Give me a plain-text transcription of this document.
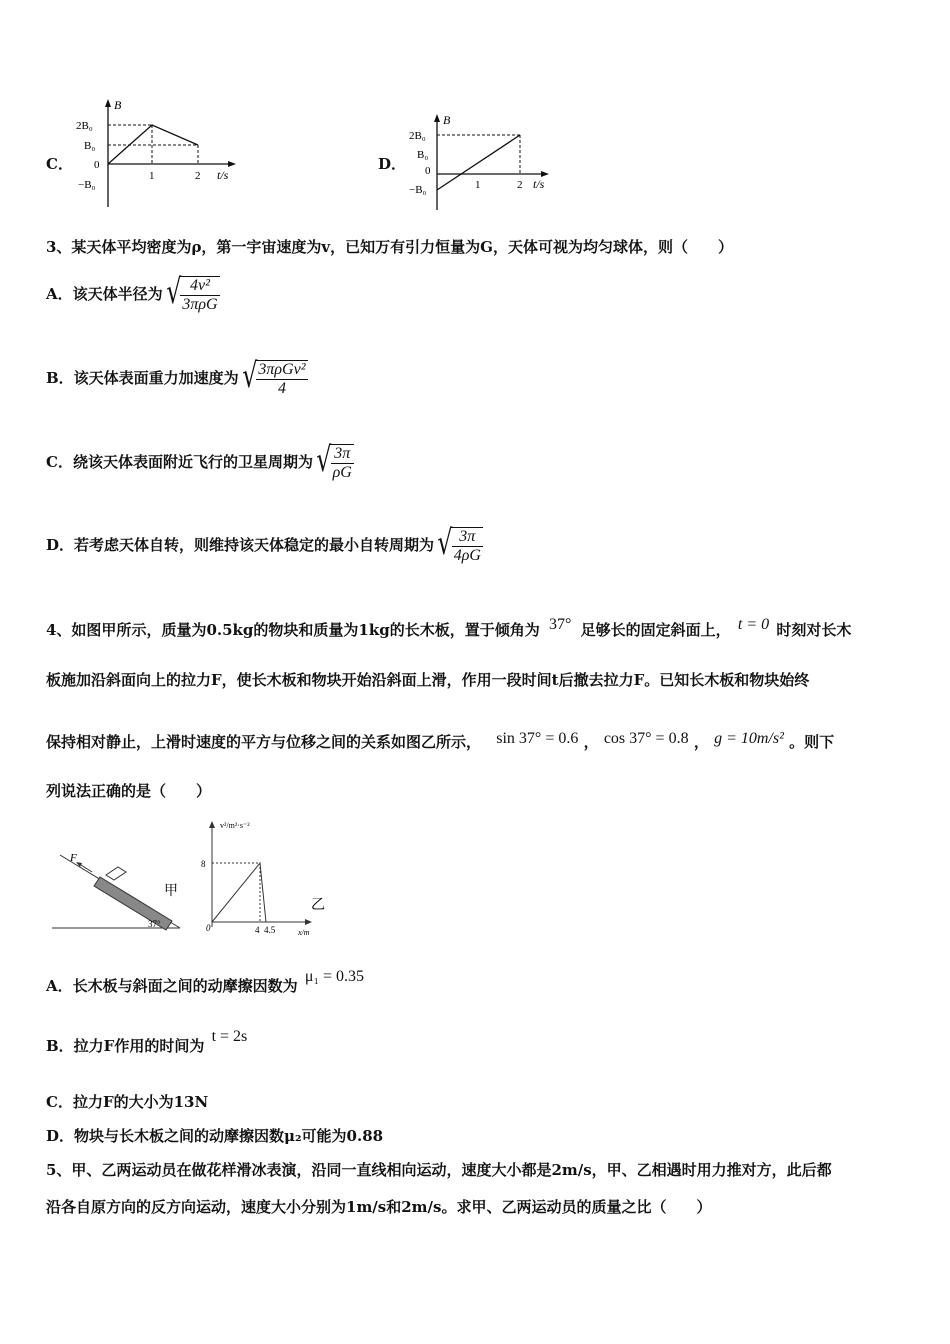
C．
B
t/s
2B₀
B₀
0
−B₀
1	2
D．
B
t/s
2B₀
B₀
0
−B₀	1	2
3、某天体平均密度为ρ，第一宇宙速度为v，已知万有引力恒量为G，天体可视为均匀球体，则（　　）
A．该天体半径为 √ $\frac{\text{4v²}}{\text{3πρG}}$
B．该天体表面重力加速度为 √ $\frac{\text{3πρGv²}}{4}$
C．绕该天体表面附近飞行的卫星周期为 √ $\frac{3\pi}{\rho G}$
D．若考虑天体自转，则维持该天体稳定的最小自转周期为 √ $\frac{3\pi}{4\rho G}$
4、如图甲所示，质量为0.5kg的物块和质量为1kg的长木板，置于倾角为 37° 足够长的固定斜面上， t = 0 时刻对长木
板施加沿斜面向上的拉力F，使长木板和物块开始沿斜面上滑，作用一段时间t后撤去拉力F。已知长木板和物块始终
保持相对静止，上滑时速度的平方与位移之间的关系如图乙所示， sin 37° = 0.6 ， cos 37° = 0.8 ， g = 10m/s² 。则下
列说法正确的是（　　）
F
37°
甲
v²/m²·s⁻²
x/m
8
0	4 4.5
乙
A．长木板与斜面之间的动摩擦因数为 μ₁ = 0.35
B．拉力F作用的时间为 t = 2s
C．拉力F的大小为13N
D．物块与长木板之间的动摩擦因数μ₂可能为0.88
5、甲、乙两运动员在做花样滑冰表演，沿同一直线相向运动，速度大小都是2m/s，甲、乙相遇时用力推对方，此后都
沿各自原方向的反方向运动，速度大小分别为1m/s和2m/s。求甲、乙两运动员的质量之比（　　）
